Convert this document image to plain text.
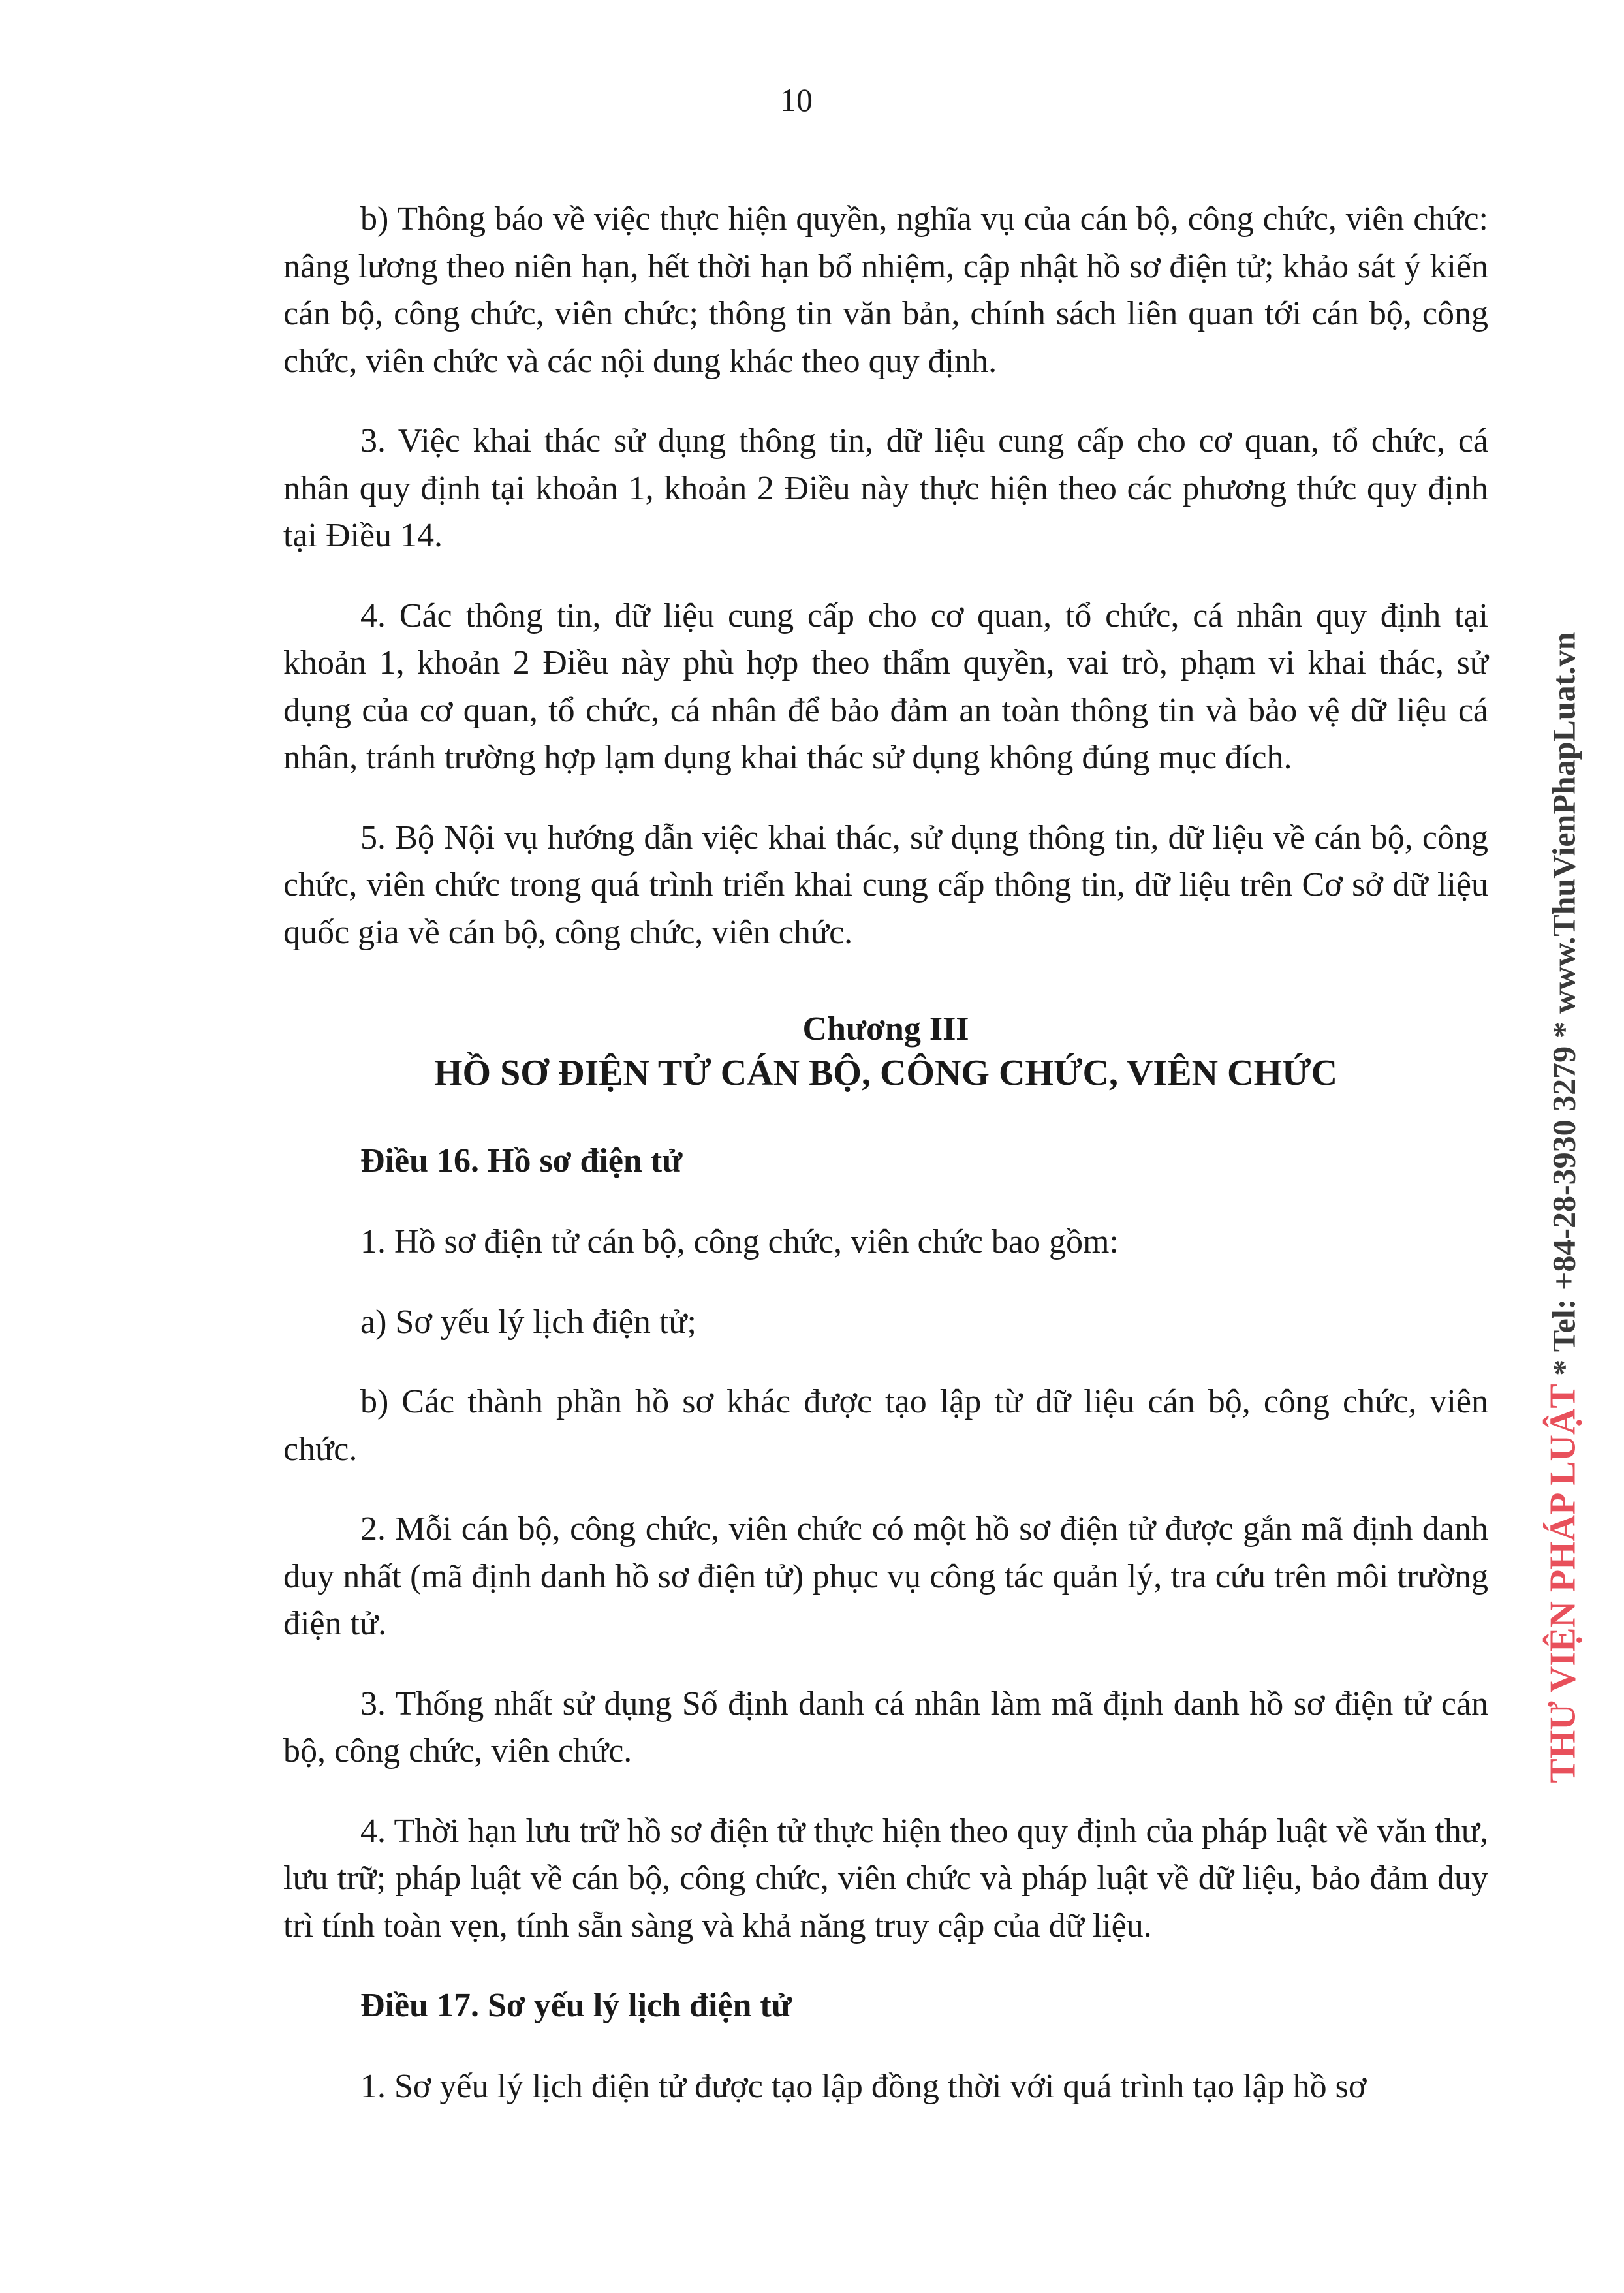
10

b) Thông báo về việc thực hiện quyền, nghĩa vụ của cán bộ, công chức, viên chức: nâng lương theo niên hạn, hết thời hạn bổ nhiệm, cập nhật hồ sơ điện tử; khảo sát ý kiến cán bộ, công chức, viên chức; thông tin văn bản, chính sách liên quan tới cán bộ, công chức, viên chức và các nội dung khác theo quy định.

3. Việc khai thác sử dụng thông tin, dữ liệu cung cấp cho cơ quan, tổ chức, cá nhân quy định tại khoản 1, khoản 2 Điều này thực hiện theo các phương thức quy định tại Điều 14.

4. Các thông tin, dữ liệu cung cấp cho cơ quan, tổ chức, cá nhân quy định tại khoản 1, khoản 2 Điều này phù hợp theo thẩm quyền, vai trò, phạm vi khai thác, sử dụng của cơ quan, tổ chức, cá nhân để bảo đảm an toàn thông tin và bảo vệ dữ liệu cá nhân, tránh trường hợp lạm dụng khai thác sử dụng không đúng mục đích.

5. Bộ Nội vụ hướng dẫn việc khai thác, sử dụng thông tin, dữ liệu về cán bộ, công chức, viên chức trong quá trình triển khai cung cấp thông tin, dữ liệu trên Cơ sở dữ liệu quốc gia về cán bộ, công chức, viên chức.

Chương III
HỒ SƠ ĐIỆN TỬ CÁN BỘ, CÔNG CHỨC, VIÊN CHỨC
Điều 16. Hồ sơ điện tử

1. Hồ sơ điện tử cán bộ, công chức, viên chức bao gồm:

a) Sơ yếu lý lịch điện tử;

b) Các thành phần hồ sơ khác được tạo lập từ dữ liệu cán bộ, công chức, viên chức.

2. Mỗi cán bộ, công chức, viên chức có một hồ sơ điện tử được gắn mã định danh duy nhất (mã định danh hồ sơ điện tử) phục vụ công tác quản lý, tra cứu trên môi trường điện tử.

3. Thống nhất sử dụng Số định danh cá nhân làm mã định danh hồ sơ điện tử cán bộ, công chức, viên chức.

4. Thời hạn lưu trữ hồ sơ điện tử thực hiện theo quy định của pháp luật về văn thư, lưu trữ; pháp luật về cán bộ, công chức, viên chức và pháp luật về dữ liệu, bảo đảm duy trì tính toàn vẹn, tính sẵn sàng và khả năng truy cập của dữ liệu.

Điều 17. Sơ yếu lý lịch điện tử

1. Sơ yếu lý lịch điện tử được tạo lập đồng thời với quá trình tạo lập hồ sơ

THƯ VIỆN PHÁP LUẬT * Tel: +84-28-3930 3279 * www.ThuVienPhapLuat.vn
